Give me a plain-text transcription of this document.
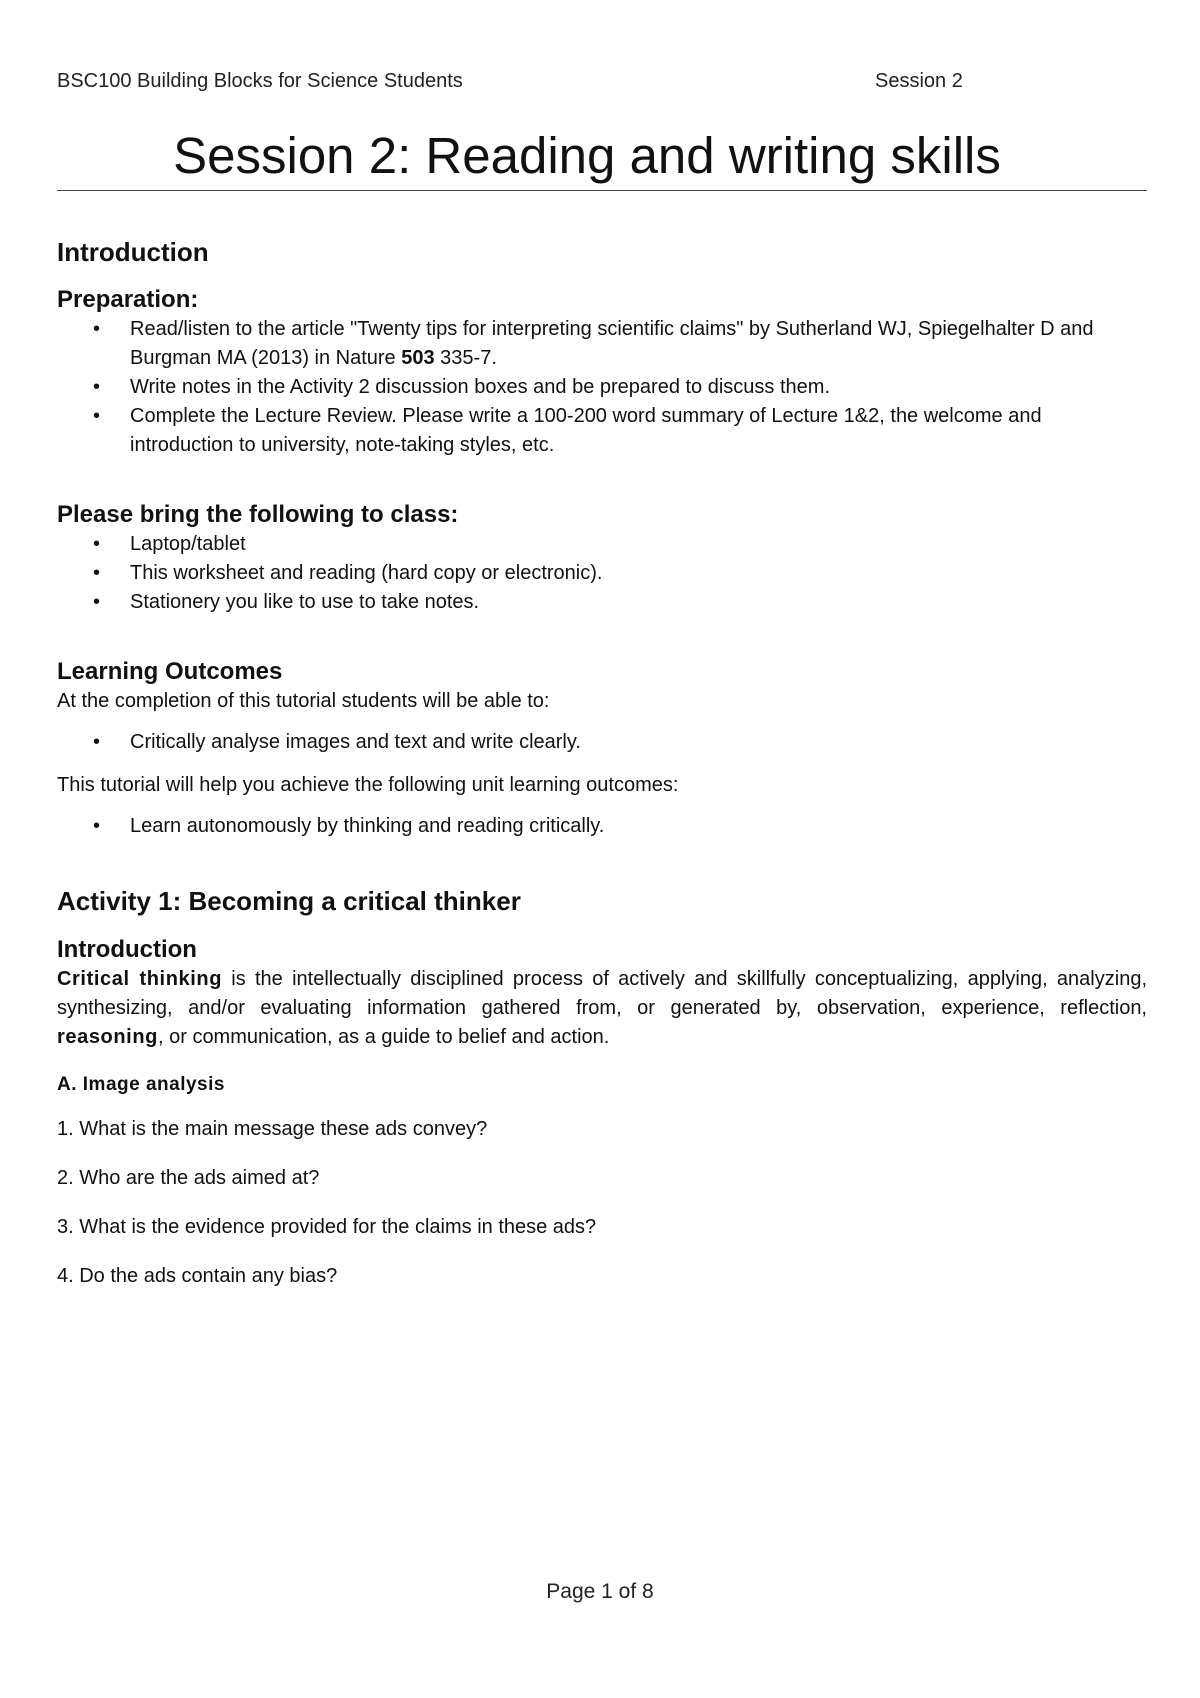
BSC100 Building Blocks for Science Students	Session 2
Session 2: Reading and writing skills
Introduction
Preparation:
• Read/listen to the article "Twenty tips for interpreting scientific claims" by Sutherland WJ, Spiegelhalter D and Burgman MA (2013) in Nature 503 335-7.
• Write notes in the Activity 2 discussion boxes and be prepared to discuss them.
• Complete the Lecture Review. Please write a 100-200 word summary of Lecture 1&2, the welcome and introduction to university, note-taking styles, etc.
Please bring the following to class:
• Laptop/tablet
• This worksheet and reading (hard copy or electronic).
• Stationery you like to use to take notes.
Learning Outcomes

At the completion of this tutorial students will be able to:

• Critically analyse images and text and write clearly.

This tutorial will help you achieve the following unit learning outcomes:

• Learn autonomously by thinking and reading critically.
Activity 1: Becoming a critical thinker
Introduction

Critical thinking is the intellectually disciplined process of actively and skillfully conceptualizing, applying, analyzing, synthesizing, and/or evaluating information gathered from, or generated by, observation, experience, reflection, reasoning, or communication, as a guide to belief and action.

A. Image analysis

1. What is the main message these ads convey?

2. Who are the ads aimed at?

3. What is the evidence provided for the claims in these ads?

4. Do the ads contain any bias?

Page 1 of 8
